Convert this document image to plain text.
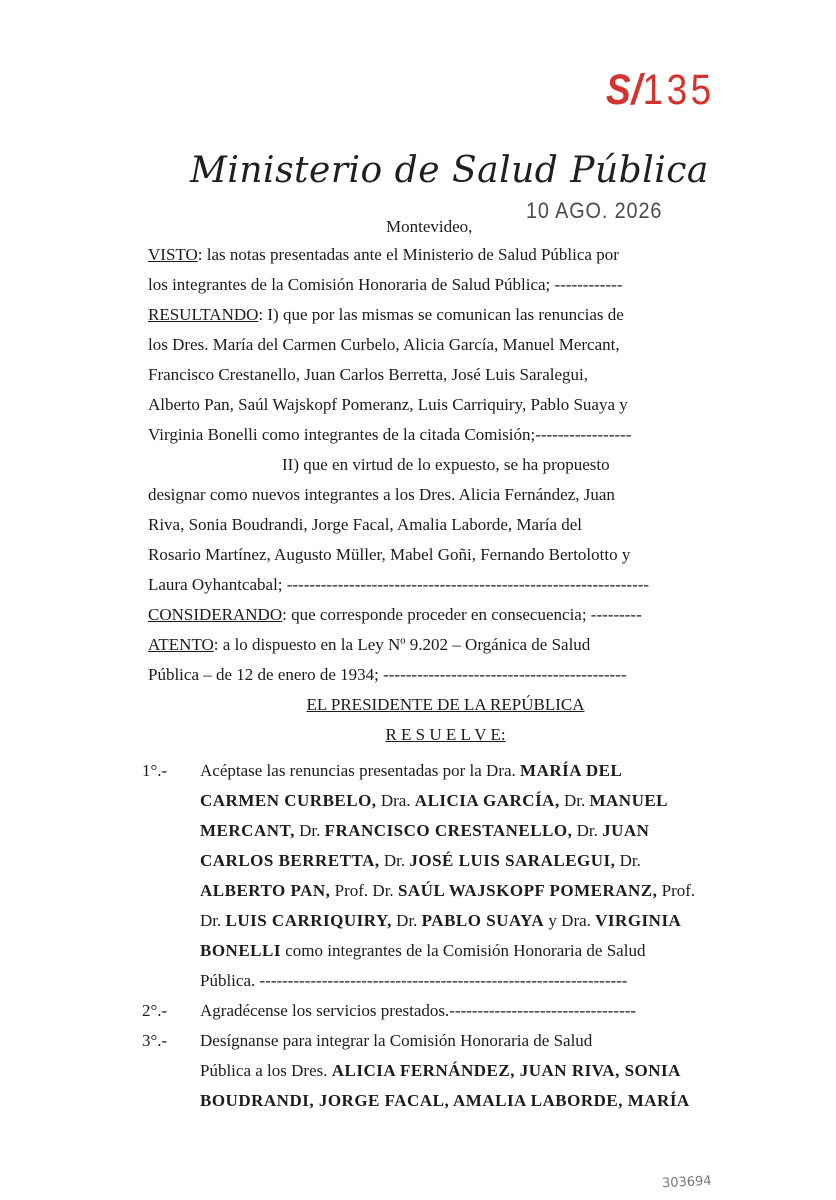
S/135
Ministerio de Salud Pública
Montevideo,
10 AGO. 2026
VISTO: las notas presentadas ante el Ministerio de Salud Pública por
los integrantes de la Comisión Honoraria de Salud Pública; ------------
RESULTANDO: I) que por las mismas se comunican las renuncias de
los Dres. María del Carmen Curbelo, Alicia García, Manuel Mercant,
Francisco Crestanello, Juan Carlos Berretta, José Luis Saralegui,
Alberto Pan, Saúl Wajskopf Pomeranz, Luis Carriquiry, Pablo Suaya y
Virginia Bonelli como integrantes de la citada Comisión;-----------------
II) que en virtud de lo expuesto, se ha propuesto
designar como nuevos integrantes a los Dres. Alicia Fernández, Juan
Riva, Sonia Boudrandi, Jorge Facal, Amalia Laborde, María del
Rosario Martínez, Augusto Müller, Mabel Goñi, Fernando Bertolotto y
Laura Oyhantcabal; ----------------------------------------------------------------
CONSIDERANDO: que corresponde proceder en consecuencia; ---------
ATENTO: a lo dispuesto en la Ley Nº 9.202 – Orgánica de Salud
Pública – de 12 de enero de 1934; -------------------------------------------
EL PRESIDENTE DE LA REPÚBLICA
R E S U E L V E:
1°.- Acéptase las renuncias presentadas por la Dra. MARÍA DEL
CARMEN CURBELO, Dra. ALICIA GARCÍA, Dr. MANUEL
MERCANT, Dr. FRANCISCO CRESTANELLO, Dr. JUAN
CARLOS BERRETTA, Dr. JOSÉ LUIS SARALEGUI, Dr.
ALBERTO PAN, Prof. Dr. SAÚL WAJSKOPF POMERANZ, Prof.
Dr. LUIS CARRIQUIRY, Dr. PABLO SUAYA y Dra. VIRGINIA
BONELLI como integrantes de la Comisión Honoraria de Salud
Pública. -----------------------------------------------------------------
2°.- Agradécense los servicios prestados.---------------------------------
3°.- Desígnanse para integrar la Comisión Honoraria de Salud
Pública a los Dres. ALICIA FERNÁNDEZ, JUAN RIVA, SONIA
BOUDRANDI, JORGE FACAL, AMALIA LABORDE, MARÍA
303694
